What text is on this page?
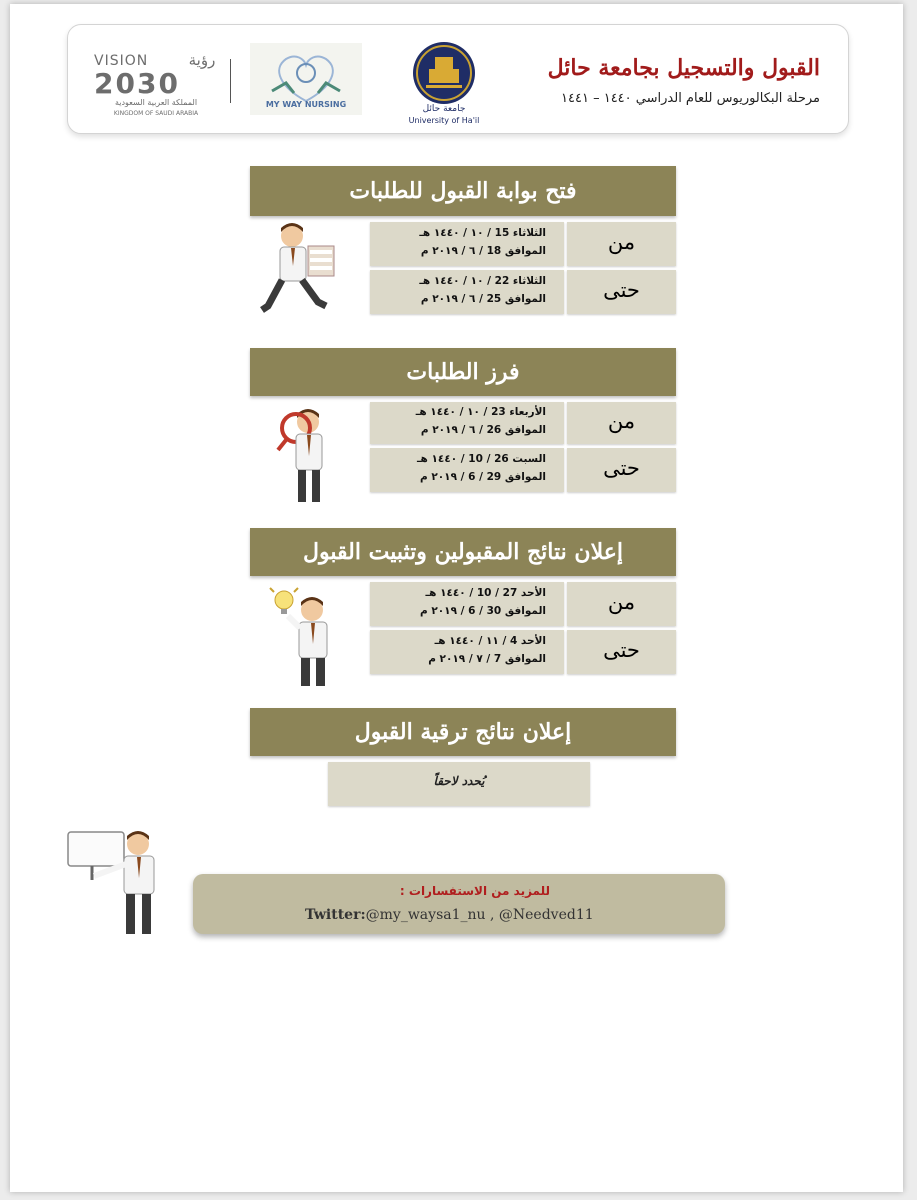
القبول والتسجيل بجامعة حائل
مرحلة البكالوريوس للعام الدراسي ١٤٤٠ – ١٤٤١
جامعة حائل
University of Ha'il
MY WAY NURSING
VISION	رؤية
2030
المملكة العربية السعودية
KINGDOM OF SAUDI ARABIA
فتح بوابة القبول للطلبات
الثلاثاء 15 / ١٠ / ١٤٤٠ هـ
الموافق 18 / ٦ / ٢٠١٩ م	من
الثلاثاء 22 / ١٠ / ١٤٤٠ هـ
الموافق 25 / ٦ / ٢٠١٩ م	حتى
فرز الطلبات
الأربعاء 23 / ١٠ / ١٤٤٠ هـ
الموافق 26 / ٦ / ٢٠١٩ م	من
السبت 26 / 10 / ١٤٤٠ هـ
الموافق 29 / 6 / ٢٠١٩ م	حتى
إعلان نتائج المقبولين وتثبيت القبول
الأحد 27 / 10 / ١٤٤٠ هـ
الموافق 30 / 6 / ٢٠١٩ م	من
الأحد 4 / ١١ / ١٤٤٠ هـ
الموافق 7 / ٧ / ٢٠١٩ م	حتى
إعلان نتائج ترقية القبول
يُحدد لاحقاً
للمزيد من الاستفسارات :
Twitter:@my_waysa1_nu , @Needved11
